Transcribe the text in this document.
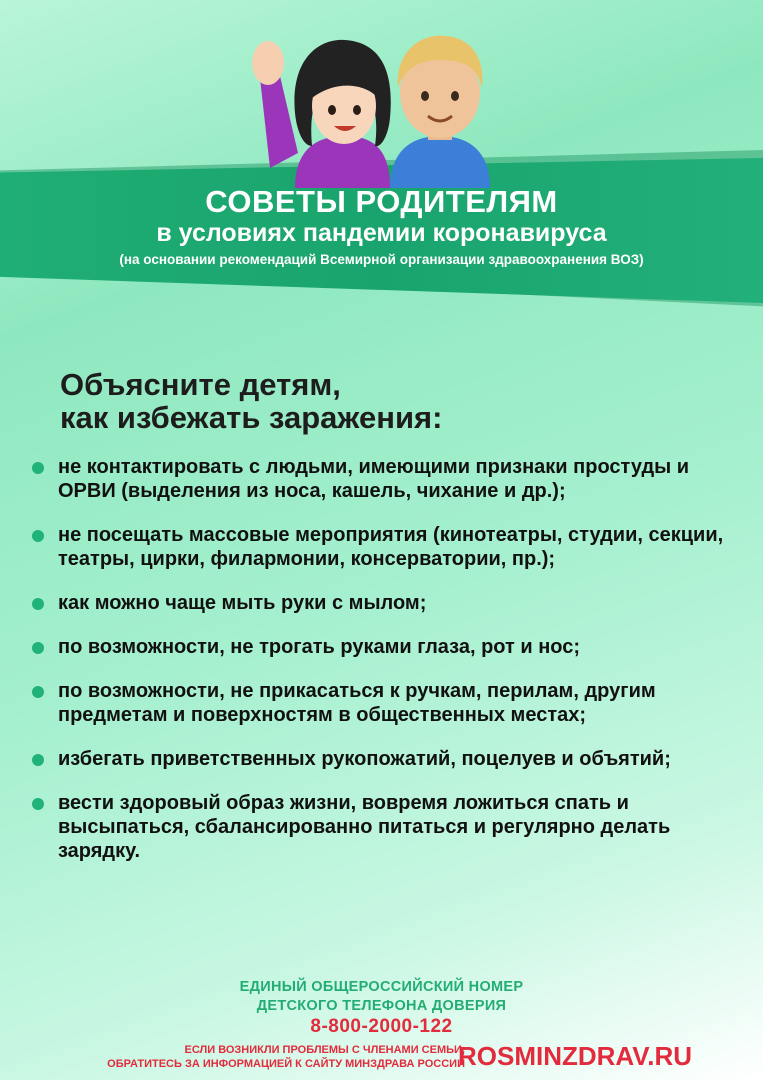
СОВЕТЫ РОДИТЕЛЯМ
в условиях пандемии коронавируса
(на основании рекомендаций Всемирной организации здравоохранения ВОЗ)
Объясните детям,
как избежать заражения:
не контактировать с людьми, имеющими признаки простуды и ОРВИ (выделения из носа, кашель, чихание и др.);
не посещать массовые мероприятия (кинотеатры, студии, секции, театры, цирки, филармонии, консерватории, пр.);
как можно чаще мыть руки с мылом;
по возможности, не трогать руками глаза, рот и нос;
по возможности, не прикасаться к ручкам, перилам, другим предметам и поверхностям в общественных местах;
избегать приветственных рукопожатий, поцелуев и объятий;
вести здоровый образ жизни, вовремя ложиться спать и высыпаться, сбалансированно питаться и регулярно делать зарядку.
ЕДИНЫЙ ОБЩЕРОССИЙСКИЙ НОМЕР
ДЕТСКОГО ТЕЛЕФОНА ДОВЕРИЯ
8-800-2000-122
ЕСЛИ ВОЗНИКЛИ ПРОБЛЕМЫ С ЧЛЕНАМИ СЕМЬИ,
ОБРАТИТЕСЬ ЗА ИНФОРМАЦИЕЙ К САЙТУ МИНЗДРАВА РОССИИ
ROSMINZDRAV.RU
